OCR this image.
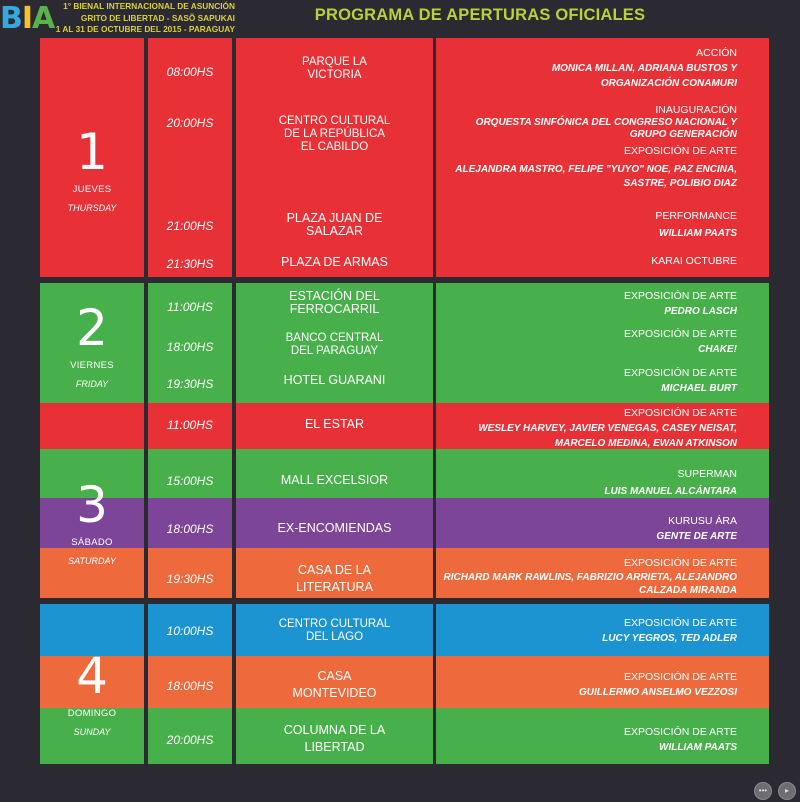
BIA	1° BIENAL INTERNACIONAL DE ASUNCIÓN
GRITO DE LIBERTAD - SASÕ SAPUKAI
1 AL 31 DE OCTUBRE DEL 2015 - PARAGUAY
PROGRAMA DE APERTURAS OFICIALES
1
JUEVES
THURSDAY
2
VIERNES
FRIDAY
3
SÁBADO
SATURDAY
4
DOMINGO
SUNDAY
08:00HS
20:00HS
21:00HS
21:30HS
11:00HS
18:00HS
19:30HS
11:00HS
15:00HS
18:00HS
19:30HS
10:00HS
18:00HS
20:00HS
PARQUE LA
VICTORIA
CENTRO CULTURAL
DE LA REPÚBLICA
EL CABILDO
PLAZA JUAN DE
SALAZAR
PLAZA DE ARMAS
ESTACIÓN DEL
FERROCARRIL
BANCO CENTRAL
DEL PARAGUAY
HOTEL GUARANI
EL ESTAR
MALL EXCELSIOR
EX-ENCOMIENDAS
CASA DE LA
LITERATURA
CENTRO CULTURAL
DEL LAGO
CASA
MONTEVIDEO
COLUMNA DE LA
LIBERTAD
ACCIÓN
MONICA MILLAN, ADRIANA BUSTOS Y
ORGANIZACIÓN CONAMURI
INAUGURACIÓN
ORQUESTA SINFÓNICA DEL CONGRESO NACIONAL Y
GRUPO GENERACIÓN
EXPOSICIÓN DE ARTE
ALEJANDRA MASTRO, FELIPE "YUYO" NOE, PAZ ENCINA,
SASTRE, POLIBIO DIAZ
PERFORMANCE
WILLIAM PAATS
KARAI OCTUBRE
EXPOSICIÓN DE ARTE
PEDRO LASCH
EXPOSICIÓN DE ARTE
CHAKE!
EXPOSICIÓN DE ARTE
MICHAEL BURT
EXPOSICIÓN DE ARTE
WESLEY HARVEY, JAVIER VENEGAS, CASEY NEISAT,
MARCELO MEDINA, EWAN ATKINSON
SUPERMAN
LUIS MANUEL ALCÁNTARA
KURUSU ÁRA
GENTE DE ARTE
EXPOSICIÓN DE ARTE
RICHARD MARK RAWLINS, FABRIZIO ARRIETA, ALEJANDRO
CALZADA MIRANDA
EXPOSICIÓN DE ARTE
LUCY YEGROS, TED ADLER
EXPOSICIÓN DE ARTE
GUILLERMO ANSELMO VEZZOSI
EXPOSICIÓN DE ARTE
WILLIAM PAATS
•••	▸
